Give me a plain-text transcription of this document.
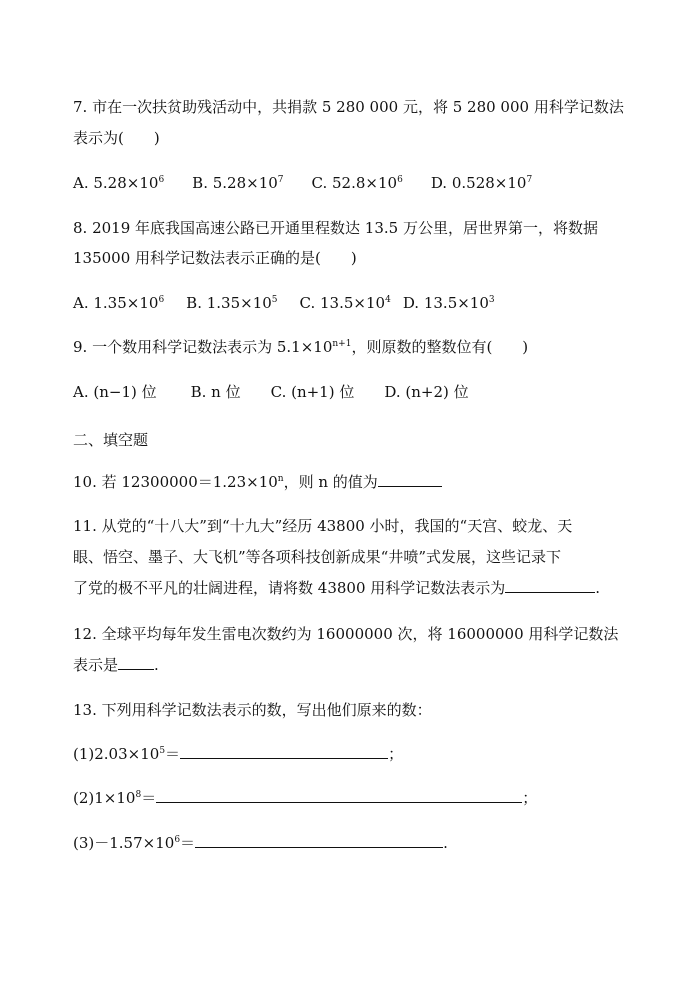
7. 市在一次扶贫助残活动中，共捐款 5 280 000 元，将 5 280 000 用科学记数法
表示为(　　)
A. $5.28\times 10^6$ B. $5.28\times 10^7$ C. $52.8\times 10^6$ D. $0.528\times 10^7$
8. 2019 年底我国高速公路已开通里程数达 13.5 万公里，居世界第一，将数据
135000 用科学记数法表示正确的是(　　)
A. $1.35\times 10^6$ B. $1.35\times 10^5$ C. $13.5\times 10^4$ D. $13.5\times 10^3$
9. 一个数用科学记数法表示为 $5.1\times 10^{n+1}$，则原数的整数位有(　　)
A. (n−1) 位 B. n 位 C. (n+1) 位 D. (n+2) 位
二、填空题
10. 若 $12300000=1.23\times 10^n$，则 n 的值为
11. 从党的“十八大”到“十九大”经历 43800 小时，我国的“天宫、蛟龙、天
眼、悟空、墨子、大飞机”等各项科技创新成果“井喷”式发展，这些记录下
了党的极不平凡的壮阔进程，请将数 43800 用科学记数法表示为	.
12. 全球平均每年发生雷电次数约为 16000000 次，将 16000000 用科学记数法
表示是 .
13. 下列用科学记数法表示的数，写出他们原来的数：
$(1)2.03\times 10^5=$	；
$(2)1\times 10^8=$	；
$(3)-1.57\times 10^6=$	.
